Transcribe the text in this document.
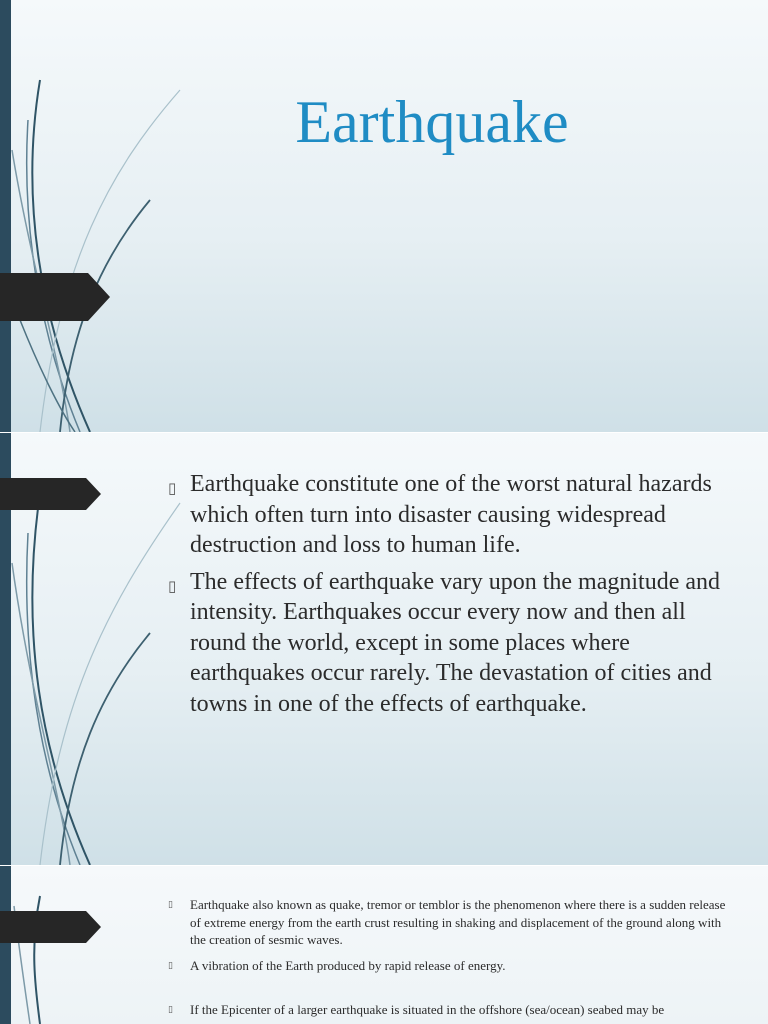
Earthquake
▯ Earthquake constitute one of the worst natural hazards which often turn into disaster causing widespread destruction and loss to human life.
▯ The effects of earthquake vary upon the magnitude and intensity. Earthquakes occur every now and then all round the world, except in some places where earthquakes occur rarely. The devastation of cities and towns in one of the effects of earthquake.
▯ Earthquake also known as quake, tremor or temblor is the phenomenon where there is a sudden release of extreme energy from the earth crust resulting in shaking and displacement of the ground along with the creation of sesmic waves.
▯ A vibration of the Earth produced by rapid release of energy.
▯ If the Epicenter of a larger earthquake is situated in the offshore (sea/ocean) seabed may be
